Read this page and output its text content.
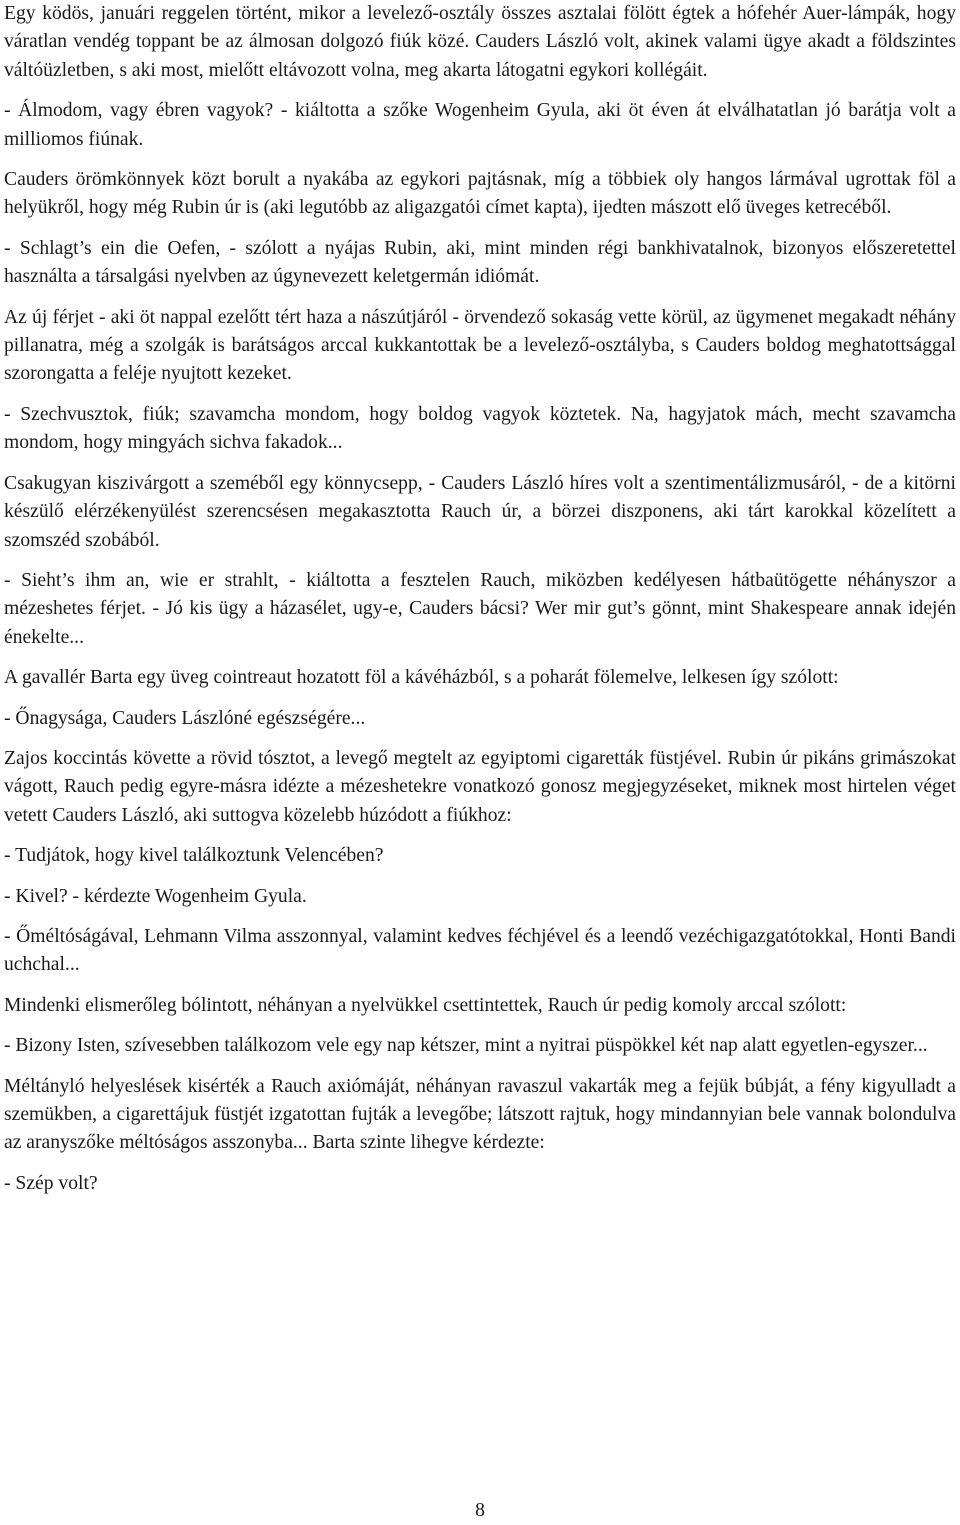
Egy ködös, januári reggelen történt, mikor a levelező-osztály összes asztalai fölött égtek a hófehér Auer-lámpák, hogy váratlan vendég toppant be az álmosan dolgozó fiúk közé. Cauders László volt, akinek valami ügye akadt a földszintes váltóüzletben, s aki most, mielőtt eltávozott volna, meg akarta látogatni egykori kollégáit.

- Álmodom, vagy ébren vagyok? - kiáltotta a szőke Wogenheim Gyula, aki öt éven át elválhatatlan jó barátja volt a milliomos fiúnak.

Cauders örömkönnyek közt borult a nyakába az egykori pajtásnak, míg a többiek oly hangos lármával ugrottak föl a helyükről, hogy még Rubin úr is (aki legutóbb az aligazgatói címet kapta), ijedten mászott elő üveges ketrecéből.

- Schlagt’s ein die Oefen, - szólott a nyájas Rubin, aki, mint minden régi bankhivatalnok, bizonyos előszeretettel használta a társalgási nyelvben az úgynevezett keletgermán idiómát.

Az új férjet - aki öt nappal ezelőtt tért haza a nászútjáról - örvendező sokaság vette körül, az ügymenet megakadt néhány pillanatra, még a szolgák is barátságos arccal kukkantottak be a levelező-osztályba, s Cauders boldog meghatottsággal szorongatta a feléje nyujtott kezeket.

- Szechvusztok, fiúk; szavamcha mondom, hogy boldog vagyok köztetek. Na, hagyjatok mách, mecht szavamcha mondom, hogy mingyách sichva fakadok...

Csakugyan kiszivárgott a szeméből egy könnycsepp, - Cauders László híres volt a szentimentálizmusáról, - de a kitörni készülő elérzékenyülést szerencsésen megakasztotta Rauch úr, a börzei diszponens, aki tárt karokkal közelített a szomszéd szobából.

- Sieht’s ihm an, wie er strahlt, - kiáltotta a fesztelen Rauch, miközben kedélyesen hátbaütögette néhányszor a mézeshetes férjet. - Jó kis ügy a házasélet, ugy-e, Cauders bácsi? Wer mir gut’s gönnt, mint Shakespeare annak idején énekelte...

A gavallér Barta egy üveg cointreaut hozatott föl a kávéházból, s a poharát fölemelve, lelkesen így szólott:

- Őnagysága, Cauders Lászlóné egészségére...

Zajos koccintás követte a rövid tósztot, a levegő megtelt az egyiptomi cigaretták füstjével. Rubin úr pikáns grimászokat vágott, Rauch pedig egyre-másra idézte a mézeshetekre vonatkozó gonosz megjegyzéseket, miknek most hirtelen véget vetett Cauders László, aki suttogva közelebb húzódott a fiúkhoz:

- Tudjátok, hogy kivel találkoztunk Velencében?

- Kivel? - kérdezte Wogenheim Gyula.

- Őméltóságával, Lehmann Vilma asszonnyal, valamint kedves féchjével és a leendő vezéchigazgatótokkal, Honti Bandi uchchal...

Mindenki elismerőleg bólintott, néhányan a nyelvükkel csettintettek, Rauch úr pedig komoly arccal szólott:

- Bizony Isten, szívesebben találkozom vele egy nap kétszer, mint a nyitrai püspökkel két nap alatt egyetlen-egyszer...

Méltányló helyeslések kisérték a Rauch axiómáját, néhányan ravaszul vakarták meg a fejük búbját, a fény kigyulladt a szemükben, a cigarettájuk füstjét izgatottan fujták a levegőbe; látszott rajtuk, hogy mindannyian bele vannak bolondulva az aranyszőke méltóságos asszonyba... Barta szinte lihegve kérdezte:

- Szép volt?

8
